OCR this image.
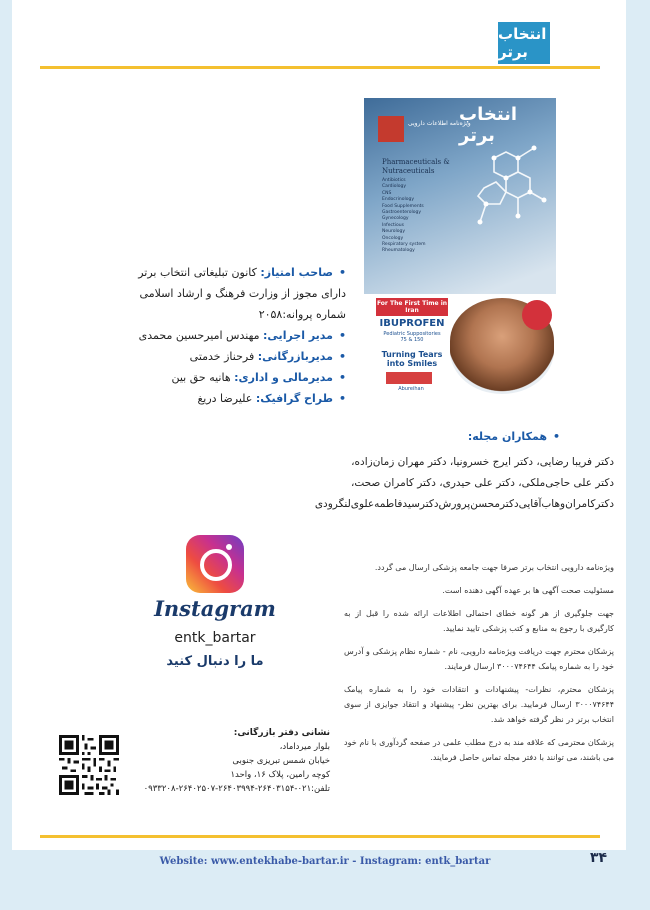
انتخاب برتر
ویژه‌نامه اطلاعات دارویی
انتخاب برتر
Pharmaceuticals &
Nutraceuticals
Antibiotics
Cardiology
CNS
Endocrinology
Food Supplements
Gastroenterology
Gynecology
Infectious
Neurology
Oncology
Respiratory system
Rheumatology
For The First Time in Iran
IBUPROFEN
Pediatric Suppositories
75 & 150
Turning Tears into Smiles
Abureihan
•صاحب امتیاز: کانون تبلیغاتی انتخاب برتر
دارای مجوز از وزارت فرهنگ و ارشاد اسلامی
شماره پروانه:۲۰۵۸
•مدیر اجرایی: مهندس امیرحسین محمدی
•مدیربازرگانی: فرحناز خدمتی
•مدیرمالی و اداری: هانیه حق بین
•طراح گرافیک: علیرضا دریغ
•همکاران مجله:
دکتر فریبا رضایی، دکتر ایرج خسرونیا، دکتر مهران زمان‌زاده،
دکتر علی حاجی‌ملکی، دکتر علی حیدری، دکتر کامران صحت،
دکترکامران‌وهاب‌آقایی‌دکترمحسن‌پرورش‌دکترسیدفاطمه‌علوی‌لنگرودی

ویژه‌نامه دارویی انتخاب برتر صرفا جهت جامعه پزشکی ارسال می گردد.

مسئولیت صحت آگهی ها بر عهده آگهی دهنده است.

جهت جلوگیری از هر گونه خطای احتمالی اطلاعات ارائه شده را قبل از به کارگیری با رجوع به منابع و کتب پزشکی تایید نمایید.

پزشکان محترم جهت دریافت ویژه‌نامه دارویی، نام - شماره نظام پزشکی و آدرس خود را به شماره پیامک ۳۰۰۰۷۴۶۴۴ ارسال فرمایند.

پزشکان محترم، نظرات- پیشنهادات و انتقادات خود را به شماره پیامک ۳۰۰۰۷۴۶۴۴ ارسال فرمایید. برای بهترین نظر- پیشنهاد و انتقاد جوایزی از سوی انتخاب برتر در نظر گرفته خواهد شد.

پزشکان محترمی که علاقه مند به درج مطلب علمی در صفحه گردآوری با نام خود می باشند، می توانند با دفتر مجله تماس حاصل فرمایند.

Instagram
entk_bartar
ما را دنبال کنید
نشانی دفتر بازرگانی:
بلوار میرداماد،
خیابان شمس تبریزی جنوبی
کوچه رامین، پلاک ۱۶، واحد۱
تلفن:۰۲۱-۲۶۴۰۳۱۵۴-۲۶۴۰۳۹۹۴-۲۶۴۰۲۵۰۷-۰۹۳۳۲۰۸
Website: www.entekhabe-bartar.ir - Instagram: entk_bartar	۳۴
